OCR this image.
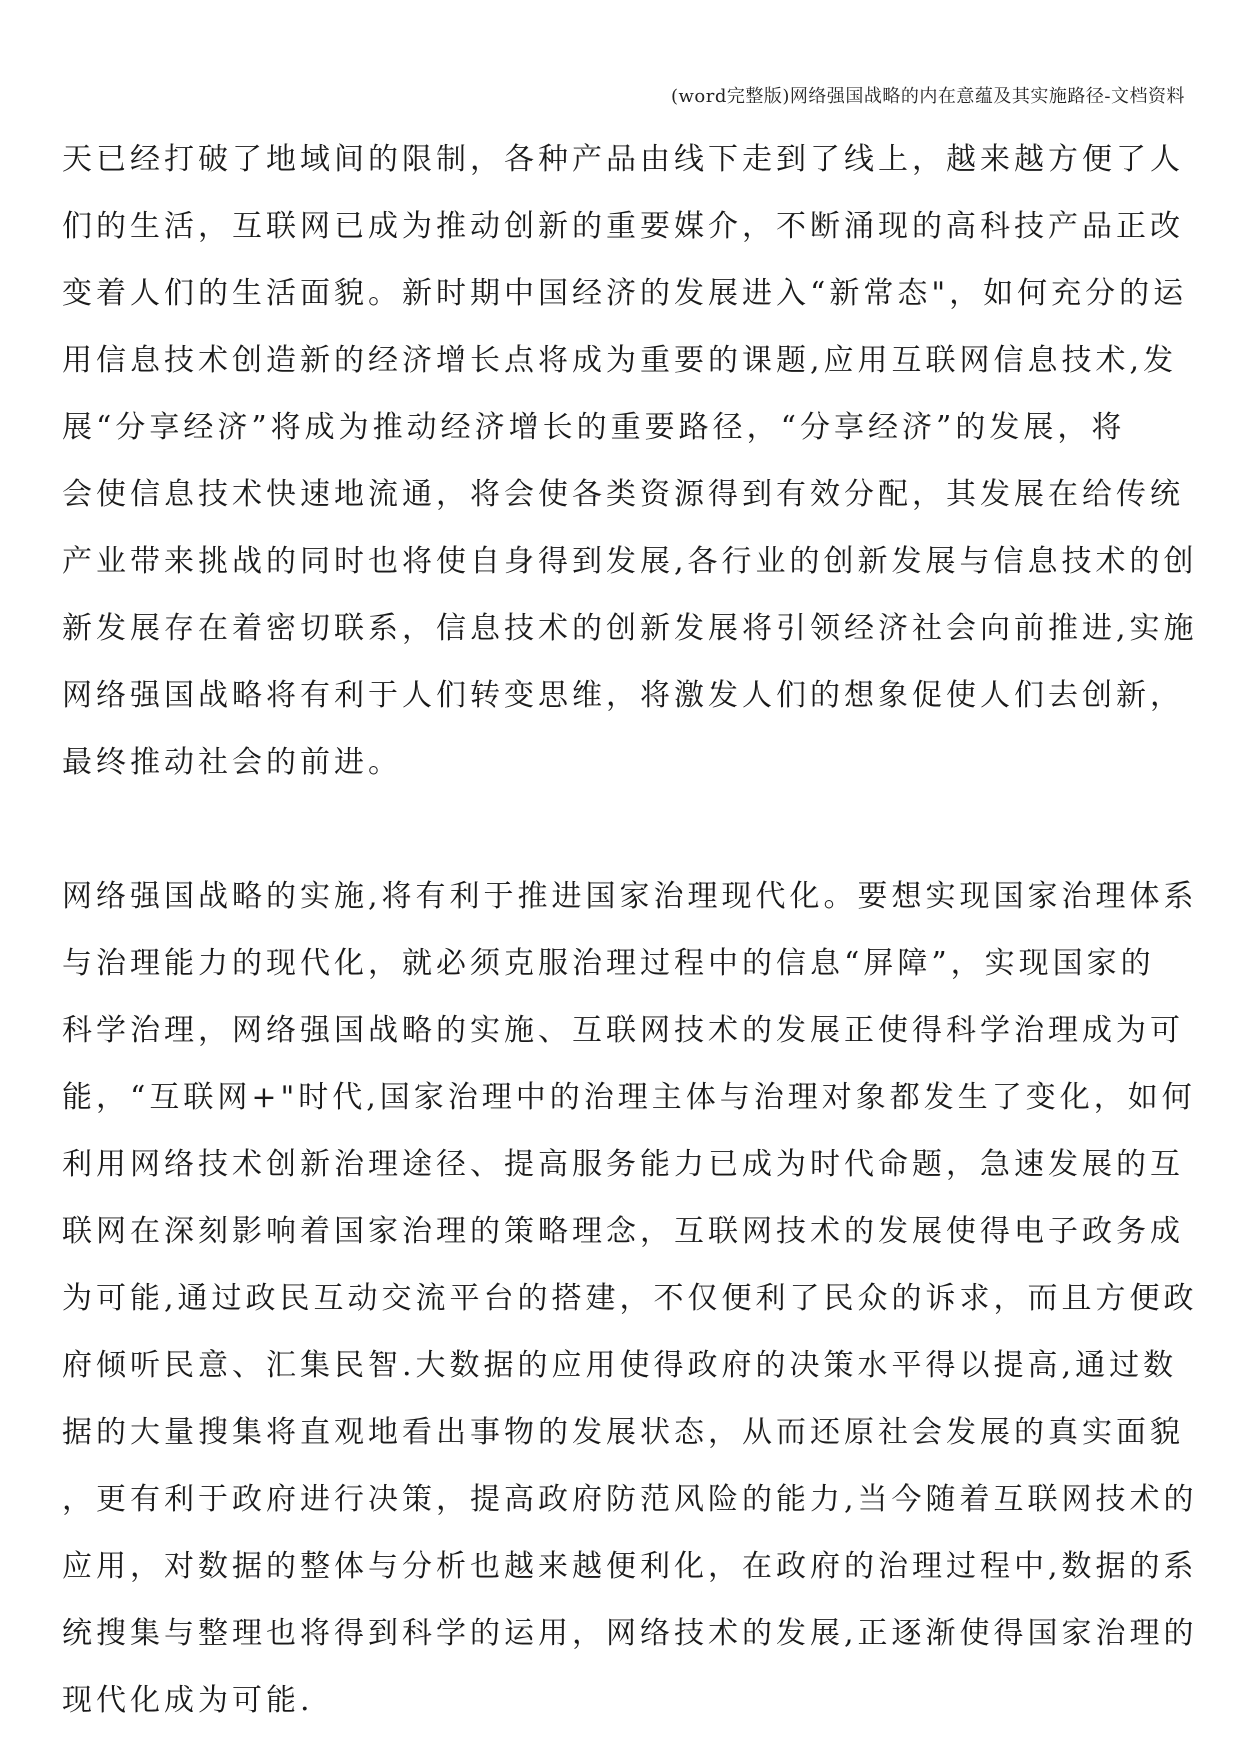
(word完整版)网络强国战略的内在意蕴及其实施路径-文档资料
天已经打破了地域间的限制，各种产品由线下走到了线上，越来越方便了人
们的生活，互联网已成为推动创新的重要媒介，不断涌现的高科技产品正改
变着人们的生活面貌。新时期中国经济的发展进入“新常态"，如何充分的运
用信息技术创造新的经济增长点将成为重要的课题,应用互联网信息技术,发
展“分享经济”将成为推动经济增长的重要路径，“分享经济”的发展，将
会使信息技术快速地流通，将会使各类资源得到有效分配，其发展在给传统
产业带来挑战的同时也将使自身得到发展,各行业的创新发展与信息技术的创
新发展存在着密切联系，信息技术的创新发展将引领经济社会向前推进,实施
网络强国战略将有利于人们转变思维，将激发人们的想象促使人们去创新，
最终推动社会的前进。
网络强国战略的实施,将有利于推进国家治理现代化。要想实现国家治理体系
与治理能力的现代化，就必须克服治理过程中的信息“屏障”，实现国家的
科学治理，网络强国战略的实施、互联网技术的发展正使得科学治理成为可
能，“互联网+"时代,国家治理中的治理主体与治理对象都发生了变化，如何
利用网络技术创新治理途径、提高服务能力已成为时代命题，急速发展的互
联网在深刻影响着国家治理的策略理念，互联网技术的发展使得电子政务成
为可能,通过政民互动交流平台的搭建，不仅便利了民众的诉求，而且方便政
府倾听民意、汇集民智.大数据的应用使得政府的决策水平得以提高,通过数
据的大量搜集将直观地看出事物的发展状态，从而还原社会发展的真实面貌
，更有利于政府进行决策，提高政府防范风险的能力,当今随着互联网技术的
应用，对数据的整体与分析也越来越便利化，在政府的治理过程中,数据的系
统搜集与整理也将得到科学的运用，网络技术的发展,正逐渐使得国家治理的
现代化成为可能.
